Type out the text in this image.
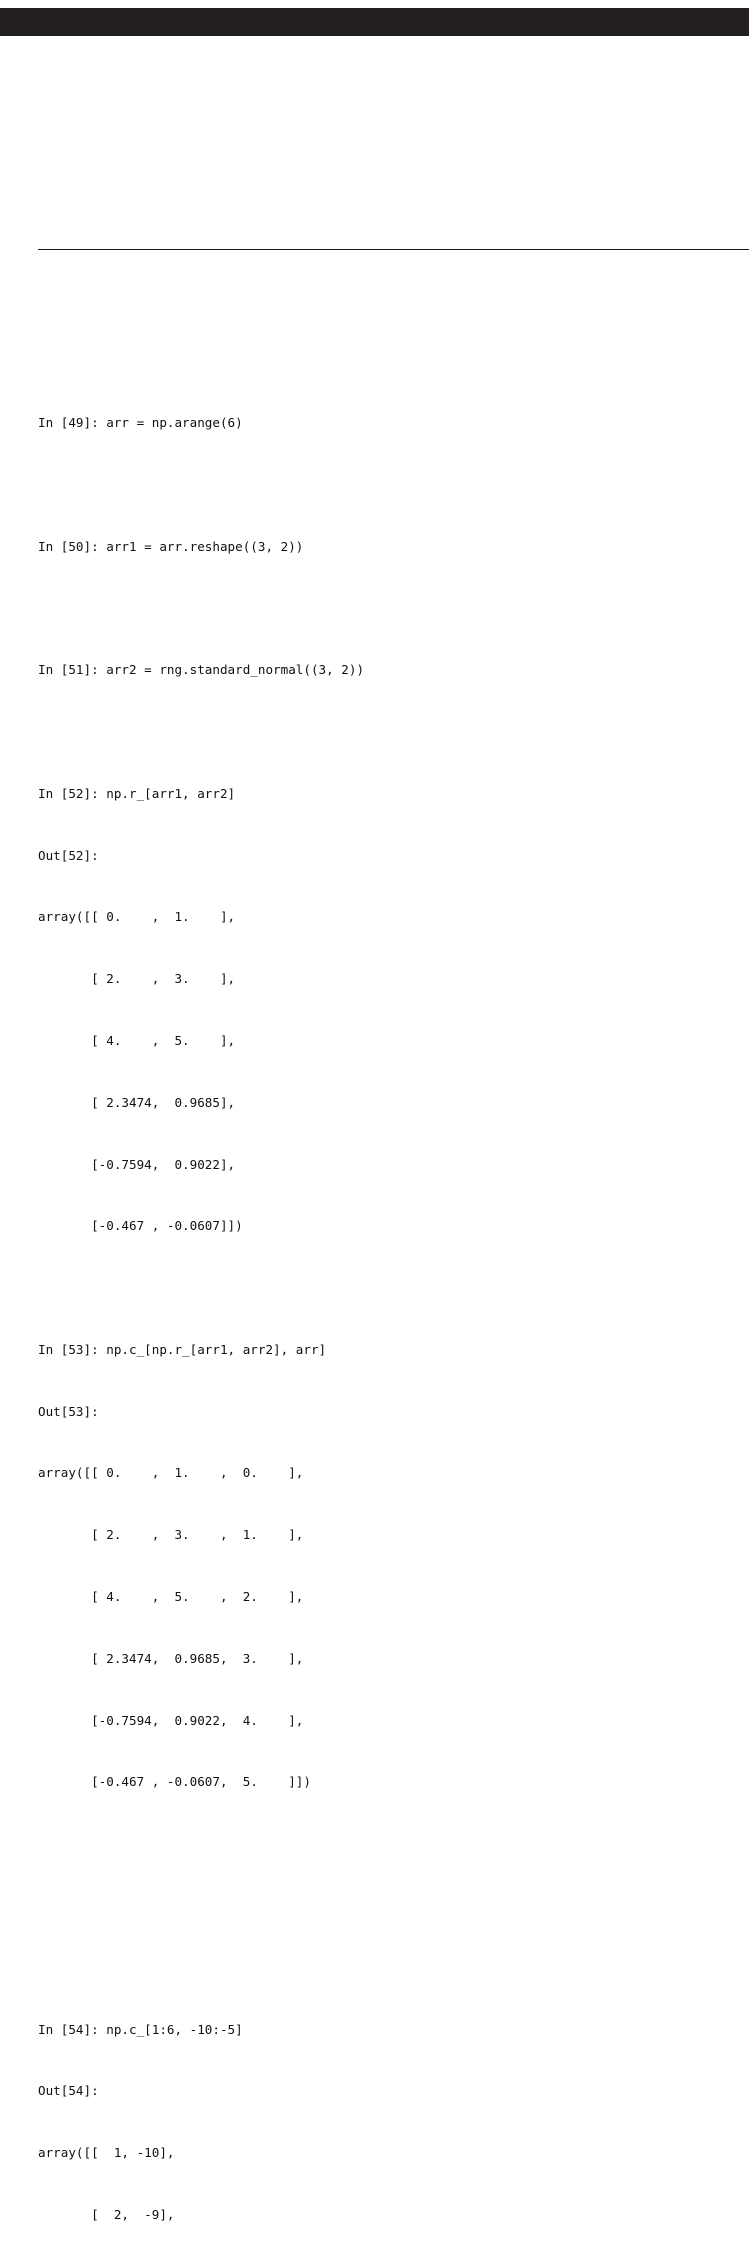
In [49]: arr = np.arange(6)

In [50]: arr1 = arr.reshape((3, 2))

In [51]: arr2 = rng.standard_normal((3, 2))

In [52]: np.r_[arr1, arr2]

Out[52]:

array([[ 0.    ,  1.    ],

[ 2.    ,  3.    ],

[ 4.    ,  5.    ],

[ 2.3474,  0.9685],

[-0.7594,  0.9022],

[-0.467 , -0.0607]])

In [53]: np.c_[np.r_[arr1, arr2], arr]

Out[53]:

array([[ 0.    ,  1.    ,  0.    ],

[ 2.    ,  3.    ,  1.    ],

[ 4.    ,  5.    ,  2.    ],

[ 2.3474,  0.9685,  3.    ],

[-0.7594,  0.9022,  4.    ],

[-0.467 , -0.0607,  5.    ]])

In [54]: np.c_[1:6, -10:-5]

Out[54]:

array([[  1, -10],

[  2,  -9],
